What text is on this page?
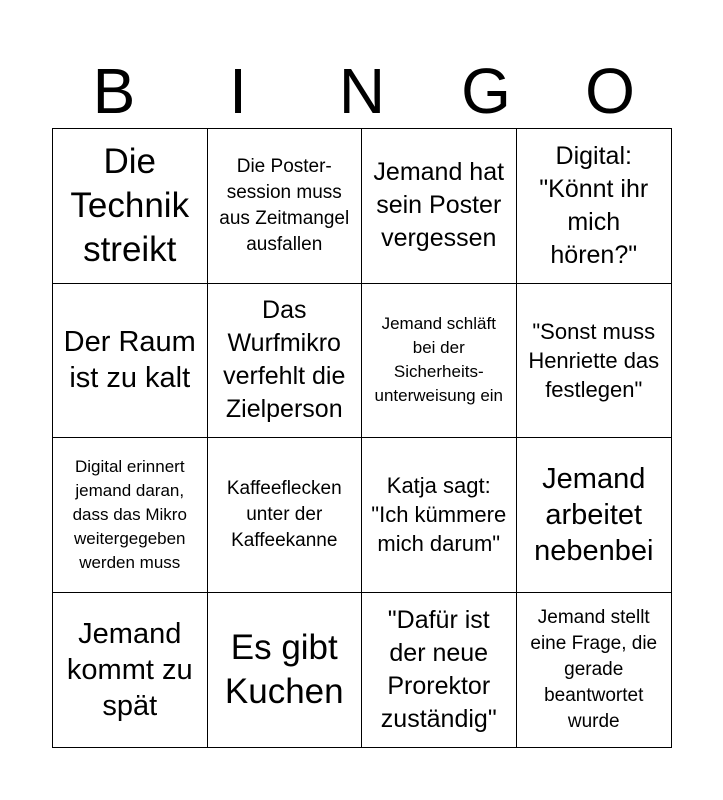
B	I	N	G	O
Die Technik streikt
Die Poster-session muss aus Zeitmangel ausfallen
Jemand hat sein Poster vergessen
Digital: "Könnt ihr mich hören?"
Der Raum ist zu kalt
Das Wurfmikro verfehlt die Zielperson
Jemand schläft bei der Sicherheits-unterweisung ein
"Sonst muss Henriette das festlegen"
Digital erinnert jemand daran, dass das Mikro weitergegeben werden muss
Kaffeeflecken unter der Kaffeekanne
Katja sagt: "Ich kümmere mich darum"
Jemand arbeitet nebenbei
Jemand kommt zu spät
Es gibt Kuchen
"Dafür ist der neue Prorektor zuständig"
Jemand stellt eine Frage, die gerade beantwortet wurde
